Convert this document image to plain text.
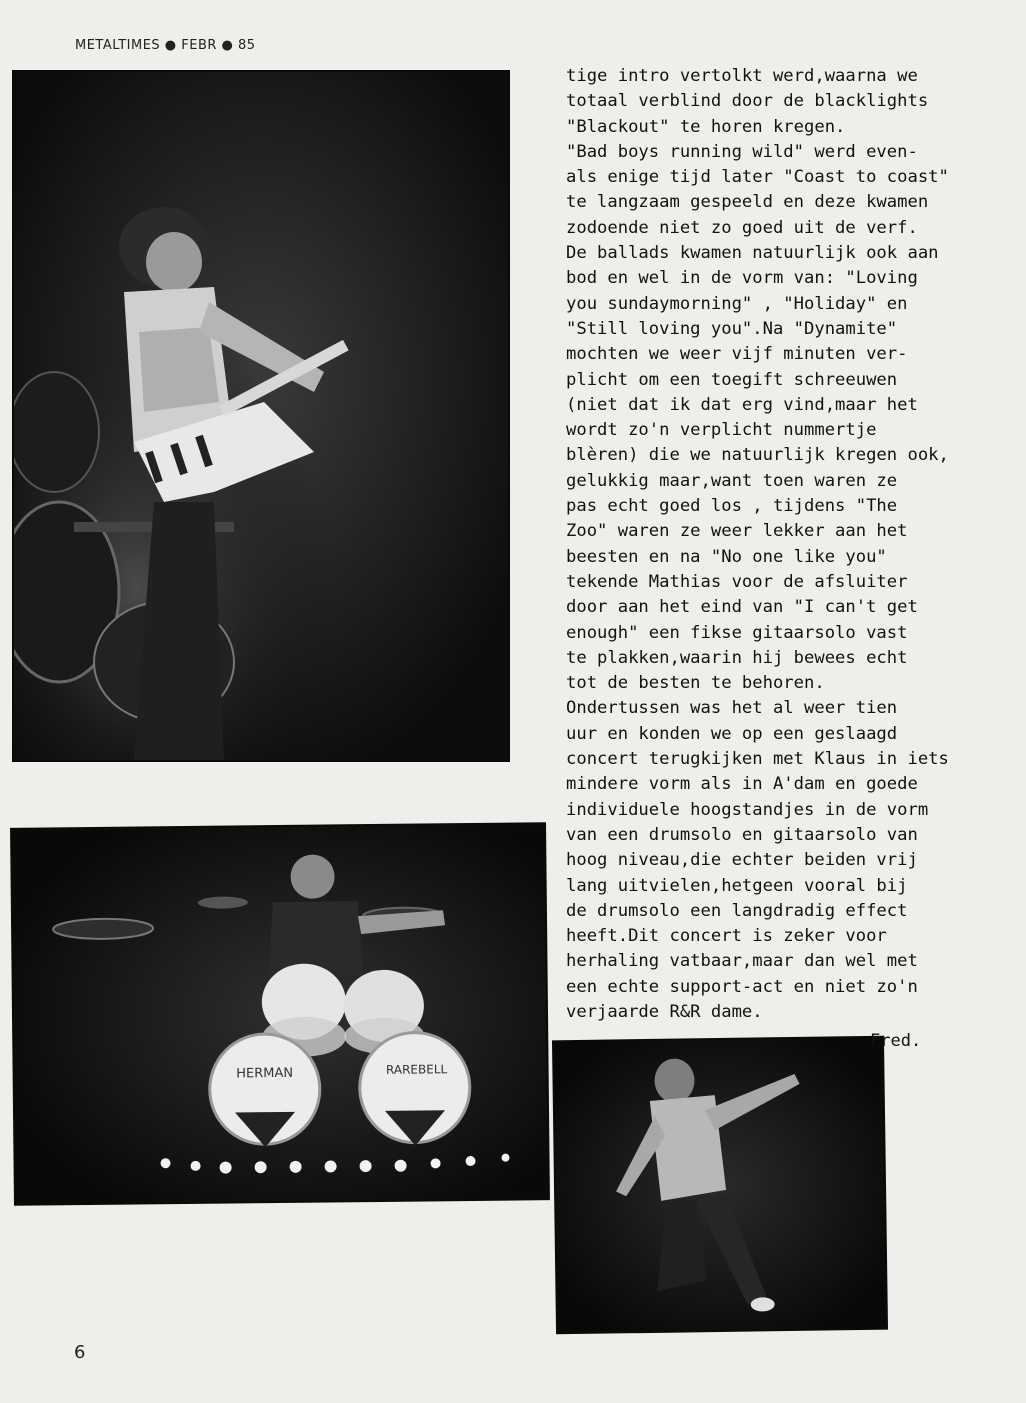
METALTIMES ● FEBR ● 85
HERMAN	RAREBELL
tige intro vertolkt werd,waarna we
totaal verblind door de blacklights
"Blackout" te horen kregen.
"Bad boys running wild" werd even-
als enige tijd later "Coast to coast"
te langzaam gespeeld en deze kwamen
zodoende niet zo goed uit de verf.
De ballads kwamen natuurlijk ook aan
bod en wel in de vorm van: "Loving
you sundaymorning" , "Holiday" en
"Still loving you".Na "Dynamite"
mochten we weer vijf minuten ver-
plicht om een toegift schreeuwen
(niet dat ik dat erg vind,maar het
wordt zo'n verplicht nummertje
blèren) die we natuurlijk kregen ook,
gelukkig maar,want toen waren ze
pas echt goed los , tijdens "The
Zoo" waren ze weer lekker aan het
beesten en na "No one like you"
tekende Mathias voor de afsluiter
door aan het eind van "I can't get
enough" een fikse gitaarsolo vast
te plakken,waarin hij bewees echt
tot de besten te behoren.
Ondertussen was het al weer tien
uur en konden we op een geslaagd
concert terugkijken met Klaus in iets
mindere vorm als in A'dam en goede
individuele hoogstandjes in de vorm
van een drumsolo en gitaarsolo van
hoog niveau,die echter beiden vrij
lang uitvielen,hetgeen vooral bij
de drumsolo een langdradig effect
heeft.Dit concert is zeker voor
herhaling vatbaar,maar dan wel met
een echte support-act en niet zo'n
verjaarde R&R dame.
Fred.
6
